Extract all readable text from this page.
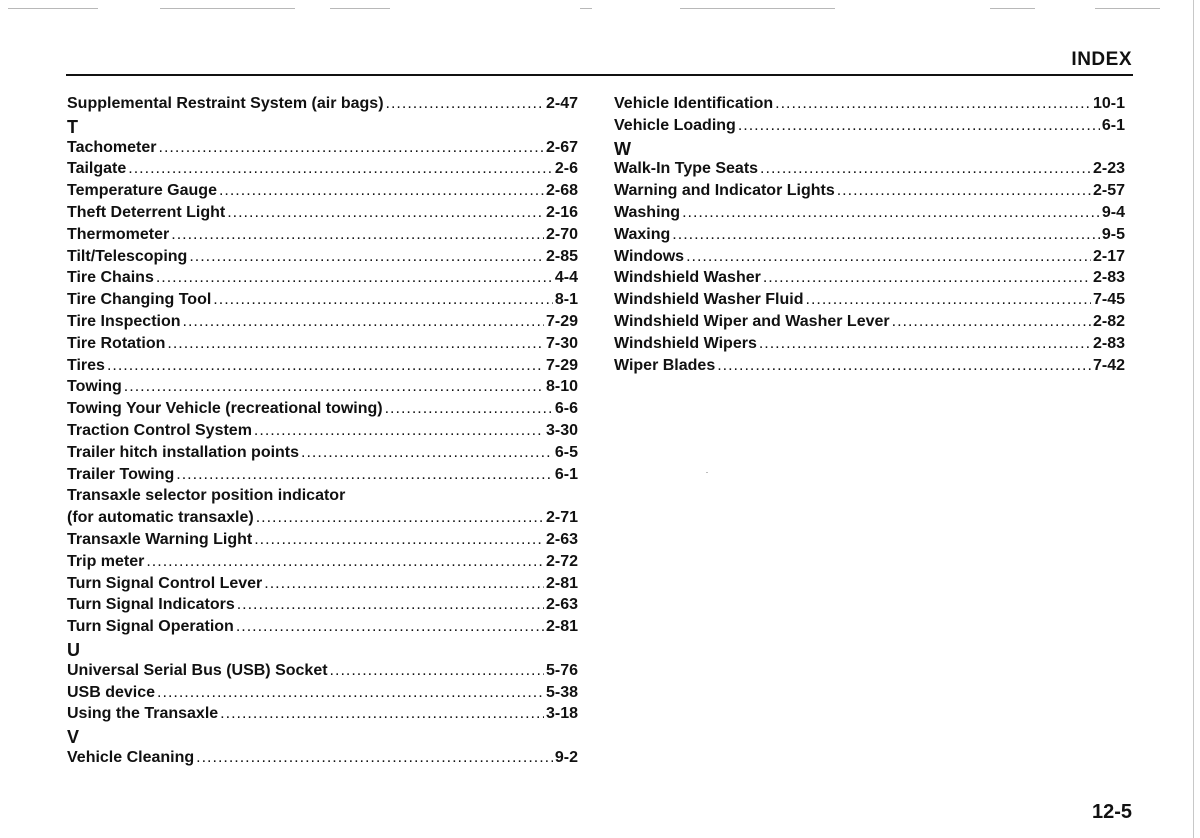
INDEX
Supplemental Restraint System (air bags) .....	2-47
T
Tachometer .....	2-67
Tailgate .....	2-6
Temperature Gauge .....	2-68
Theft Deterrent Light .....	2-16
Thermometer .....	2-70
Tilt/Telescoping .....	2-85
Tire Chains .....	4-4
Tire Changing Tool .....	8-1
Tire Inspection .....	7-29
Tire Rotation .....	7-30
Tires .....	7-29
Towing .....	8-10
Towing Your Vehicle (recreational towing) .....	6-6
Traction Control System .....	3-30
Trailer hitch installation points .....	6-5
Trailer Towing .....	6-1
Transaxle selector position indicator
(for automatic transaxle) .....	2-71
Transaxle Warning Light .....	2-63
Trip meter .....	2-72
Turn Signal Control Lever .....	2-81
Turn Signal Indicators .....	2-63
Turn Signal Operation .....	2-81
U
Universal Serial Bus (USB) Socket .....	5-76
USB device .....	5-38
Using the Transaxle .....	3-18
V
Vehicle Cleaning .....	9-2
Vehicle Identification .....	10-1
Vehicle Loading .....	6-1
W
Walk-In Type Seats .....	2-23
Warning and Indicator Lights .....	2-57
Washing .....	9-4
Waxing .....	9-5
Windows .....	2-17
Windshield Washer .....	2-83
Windshield Washer Fluid .....	7-45
Windshield Wiper and Washer Lever .....	2-82
Windshield Wipers .....	2-83
Wiper Blades .....	7-42
12-5
